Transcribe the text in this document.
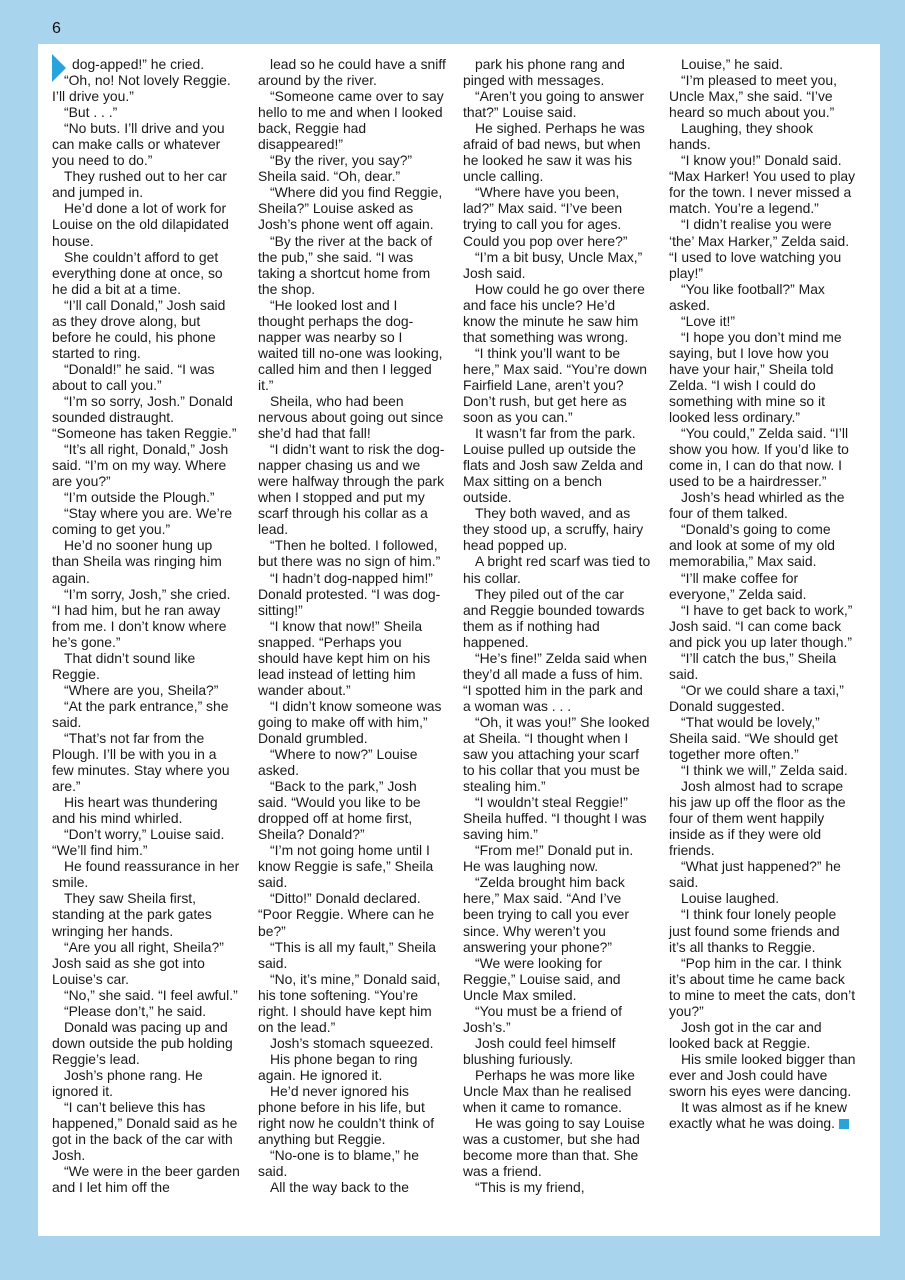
6

dog-apped!” he cried.

“Oh, no! Not lovely Reggie. I’ll drive you.”

“But . . .”

“No buts. I’ll drive and you can make calls or whatever you need to do.”

They rushed out to her car and jumped in.

He’d done a lot of work for Louise on the old dilapidated house.

She couldn’t afford to get everything done at once, so he did a bit at a time.

“I’ll call Donald,” Josh said as they drove along, but before he could, his phone started to ring.

“Donald!” he said. “I was about to call you.”

“I’m so sorry, Josh.” Donald sounded distraught. “Someone has taken Reggie.”

“It’s all right, Donald,” Josh said. “I’m on my way. Where are you?”

“I’m outside the Plough.”

“Stay where you are. We’re coming to get you.”

He’d no sooner hung up than Sheila was ringing him again.

“I’m sorry, Josh,” she cried. “I had him, but he ran away from me. I don’t know where he’s gone.”

That didn’t sound like Reggie.

“Where are you, Sheila?”

“At the park entrance,” she said.

“That’s not far from the Plough. I’ll be with you in a few minutes. Stay where you are.”

His heart was thundering and his mind whirled.

“Don’t worry,” Louise said. “We’ll find him.”

He found reassurance in her smile.

They saw Sheila first, standing at the park gates wringing her hands.

“Are you all right, Sheila?” Josh said as she got into Louise’s car.

“No,” she said. “I feel awful.”

“Please don’t,” he said.

Donald was pacing up and down outside the pub holding Reggie’s lead.

Josh’s phone rang. He ignored it.

“I can’t believe this has happened,” Donald said as he got in the back of the car with Josh.

“We were in the beer garden and I let him off the

lead so he could have a sniff around by the river.

“Someone came over to say hello to me and when I looked back, Reggie had disappeared!”

“By the river, you say?” Sheila said. “Oh, dear.”

“Where did you find Reggie, Sheila?” Louise asked as Josh’s phone went off again.

“By the river at the back of the pub,” she said. “I was taking a shortcut home from the shop.

“He looked lost and I thought perhaps the dog-napper was nearby so I waited till no-one was looking, called him and then I legged it.”

Sheila, who had been nervous about going out since she’d had that fall!

“I didn’t want to risk the dog-napper chasing us and we were halfway through the park when I stopped and put my scarf through his collar as a lead.

“Then he bolted. I followed, but there was no sign of him.”

“I hadn’t dog-napped him!” Donald protested. “I was dog-sitting!”

“I know that now!” Sheila snapped. “Perhaps you should have kept him on his lead instead of letting him wander about.”

“I didn’t know someone was going to make off with him,” Donald grumbled.

“Where to now?” Louise asked.

“Back to the park,” Josh said. “Would you like to be dropped off at home first, Sheila? Donald?”

“I’m not going home until I know Reggie is safe,” Sheila said.

“Ditto!” Donald declared. “Poor Reggie. Where can he be?”

“This is all my fault,” Sheila said.

“No, it’s mine,” Donald said, his tone softening. “You’re right. I should have kept him on the lead.”

Josh’s stomach squeezed.

His phone began to ring again. He ignored it.

He’d never ignored his phone before in his life, but right now he couldn’t think of anything but Reggie.

“No-one is to blame,” he said.

All the way back to the

park his phone rang and pinged with messages.

“Aren’t you going to answer that?” Louise said.

He sighed. Perhaps he was afraid of bad news, but when he looked he saw it was his uncle calling.

“Where have you been, lad?” Max said. “I’ve been trying to call you for ages. Could you pop over here?”

“I’m a bit busy, Uncle Max,” Josh said.

How could he go over there and face his uncle? He’d know the minute he saw him that something was wrong.

“I think you’ll want to be here,” Max said. “You’re down Fairfield Lane, aren’t you? Don’t rush, but get here as soon as you can.”

It wasn’t far from the park. Louise pulled up outside the flats and Josh saw Zelda and Max sitting on a bench outside.

They both waved, and as they stood up, a scruffy, hairy head popped up.

A bright red scarf was tied to his collar.

They piled out of the car and Reggie bounded towards them as if nothing had happened.

“He’s fine!” Zelda said when they’d all made a fuss of him. “I spotted him in the park and a woman was . . .

“Oh, it was you!” She looked at Sheila. “I thought when I saw you attaching your scarf to his collar that you must be stealing him.”

“I wouldn’t steal Reggie!” Sheila huffed. “I thought I was saving him.”

“From me!” Donald put in. He was laughing now.

“Zelda brought him back here,” Max said. “And I’ve been trying to call you ever since. Why weren’t you answering your phone?”

“We were looking for Reggie,” Louise said, and Uncle Max smiled.

“You must be a friend of Josh’s.”

Josh could feel himself blushing furiously.

Perhaps he was more like Uncle Max than he realised when it came to romance.

He was going to say Louise was a customer, but she had become more than that. She was a friend.

“This is my friend,

Louise,” he said.

“I’m pleased to meet you, Uncle Max,” she said. “I’ve heard so much about you.”

Laughing, they shook hands.

“I know you!” Donald said. “Max Harker! You used to play for the town. I never missed a match. You’re a legend.”

“I didn’t realise you were ‘the’ Max Harker,” Zelda said. “I used to love watching you play!”

“You like football?” Max asked.

“Love it!”

“I hope you don’t mind me saying, but I love how you have your hair,” Sheila told Zelda. “I wish I could do something with mine so it looked less ordinary.”

“You could,” Zelda said. “I’ll show you how. If you’d like to come in, I can do that now. I used to be a hairdresser.”

Josh’s head whirled as the four of them talked.

“Donald’s going to come and look at some of my old memorabilia,” Max said.

“I’ll make coffee for everyone,” Zelda said.

“I have to get back to work,” Josh said. “I can come back and pick you up later though.”

“I’ll catch the bus,” Sheila said.

“Or we could share a taxi,” Donald suggested.

“That would be lovely,” Sheila said. “We should get together more often.”

“I think we will,” Zelda said.

Josh almost had to scrape his jaw up off the floor as the four of them went happily inside as if they were old friends.

“What just happened?” he said.

Louise laughed.

“I think four lonely people just found some friends and it’s all thanks to Reggie.

“Pop him in the car. I think it’s about time he came back to mine to meet the cats, don’t you?”

Josh got in the car and looked back at Reggie.

His smile looked bigger than ever and Josh could have sworn his eyes were dancing.

It was almost as if he knew exactly what he was doing.
